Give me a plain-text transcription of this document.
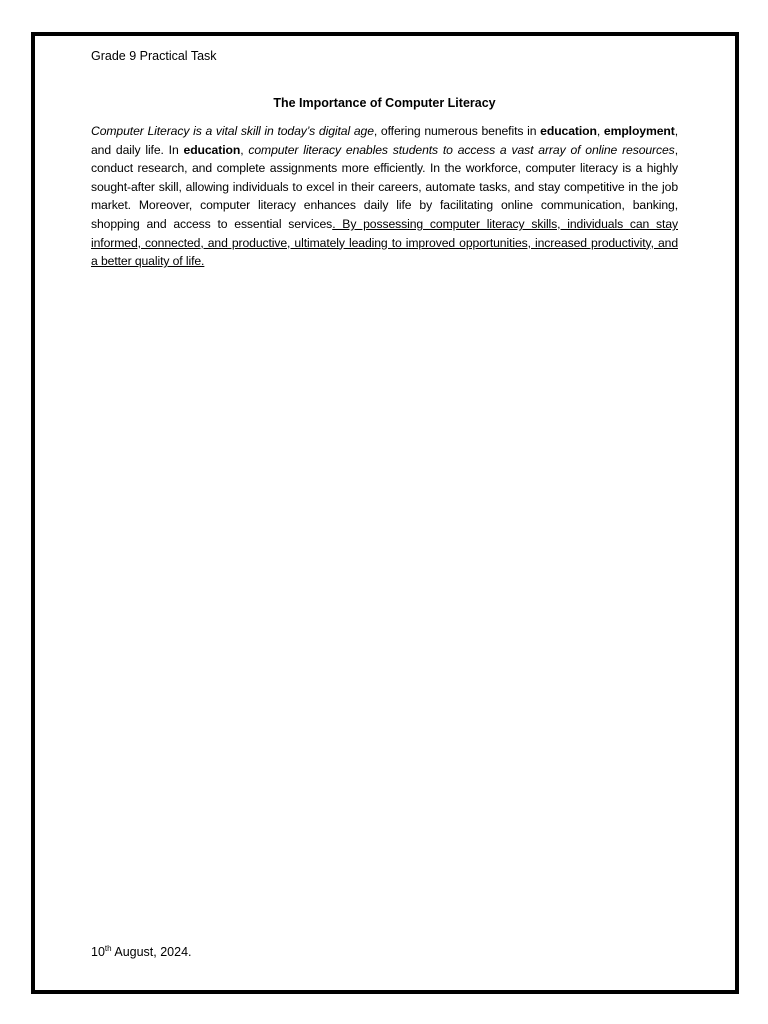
Grade 9 Practical Task
The Importance of Computer Literacy
Computer Literacy is a vital skill in today’s digital age, offering numerous benefits in education, employment, and daily life. In education, computer literacy enables students to access a vast array of online resources, conduct research, and complete assignments more efficiently. In the workforce, computer literacy is a highly sought-after skill, allowing individuals to excel in their careers, automate tasks, and stay competitive in the job market. Moreover, computer literacy enhances daily life by facilitating online communication, banking, shopping and access to essential services. By possessing computer literacy skills, individuals can stay informed, connected, and productive, ultimately leading to improved opportunities, increased productivity, and a better quality of life.
10th August, 2024.
